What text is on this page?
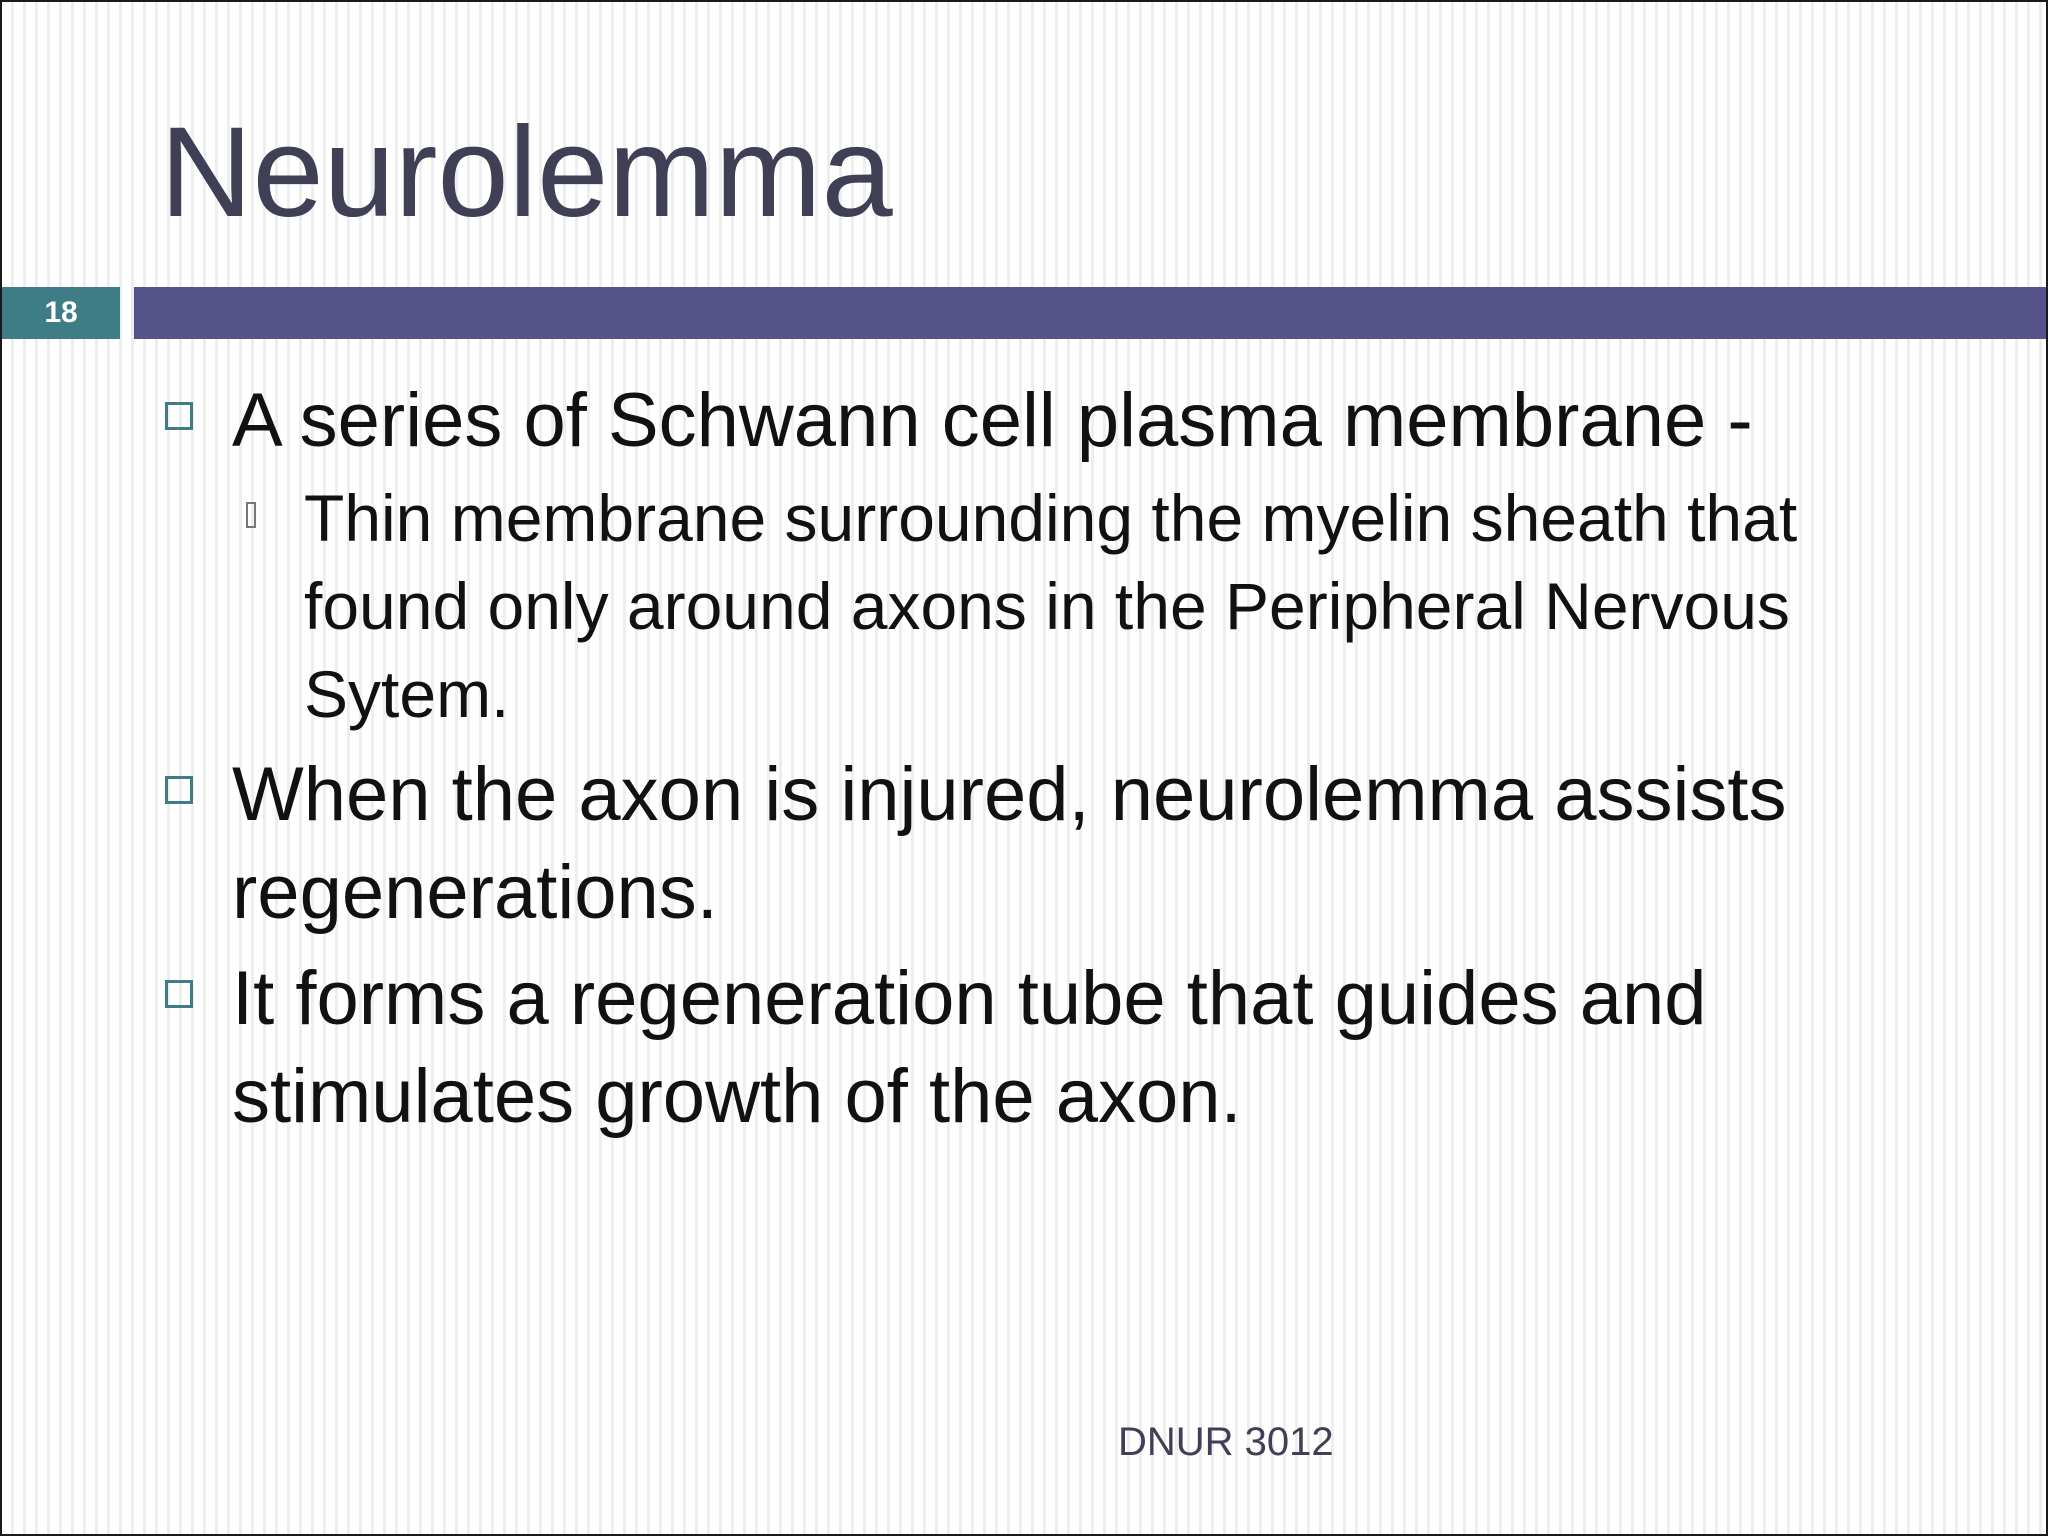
Neurolemma
18
A series of Schwann cell plasma membrane -
Thin membrane surrounding the myelin sheath that found only around axons in the Peripheral Nervous Sytem.
When the axon is injured, neurolemma assists regenerations.
It forms a regeneration tube that guides and stimulates growth of the axon.
DNUR 3012
